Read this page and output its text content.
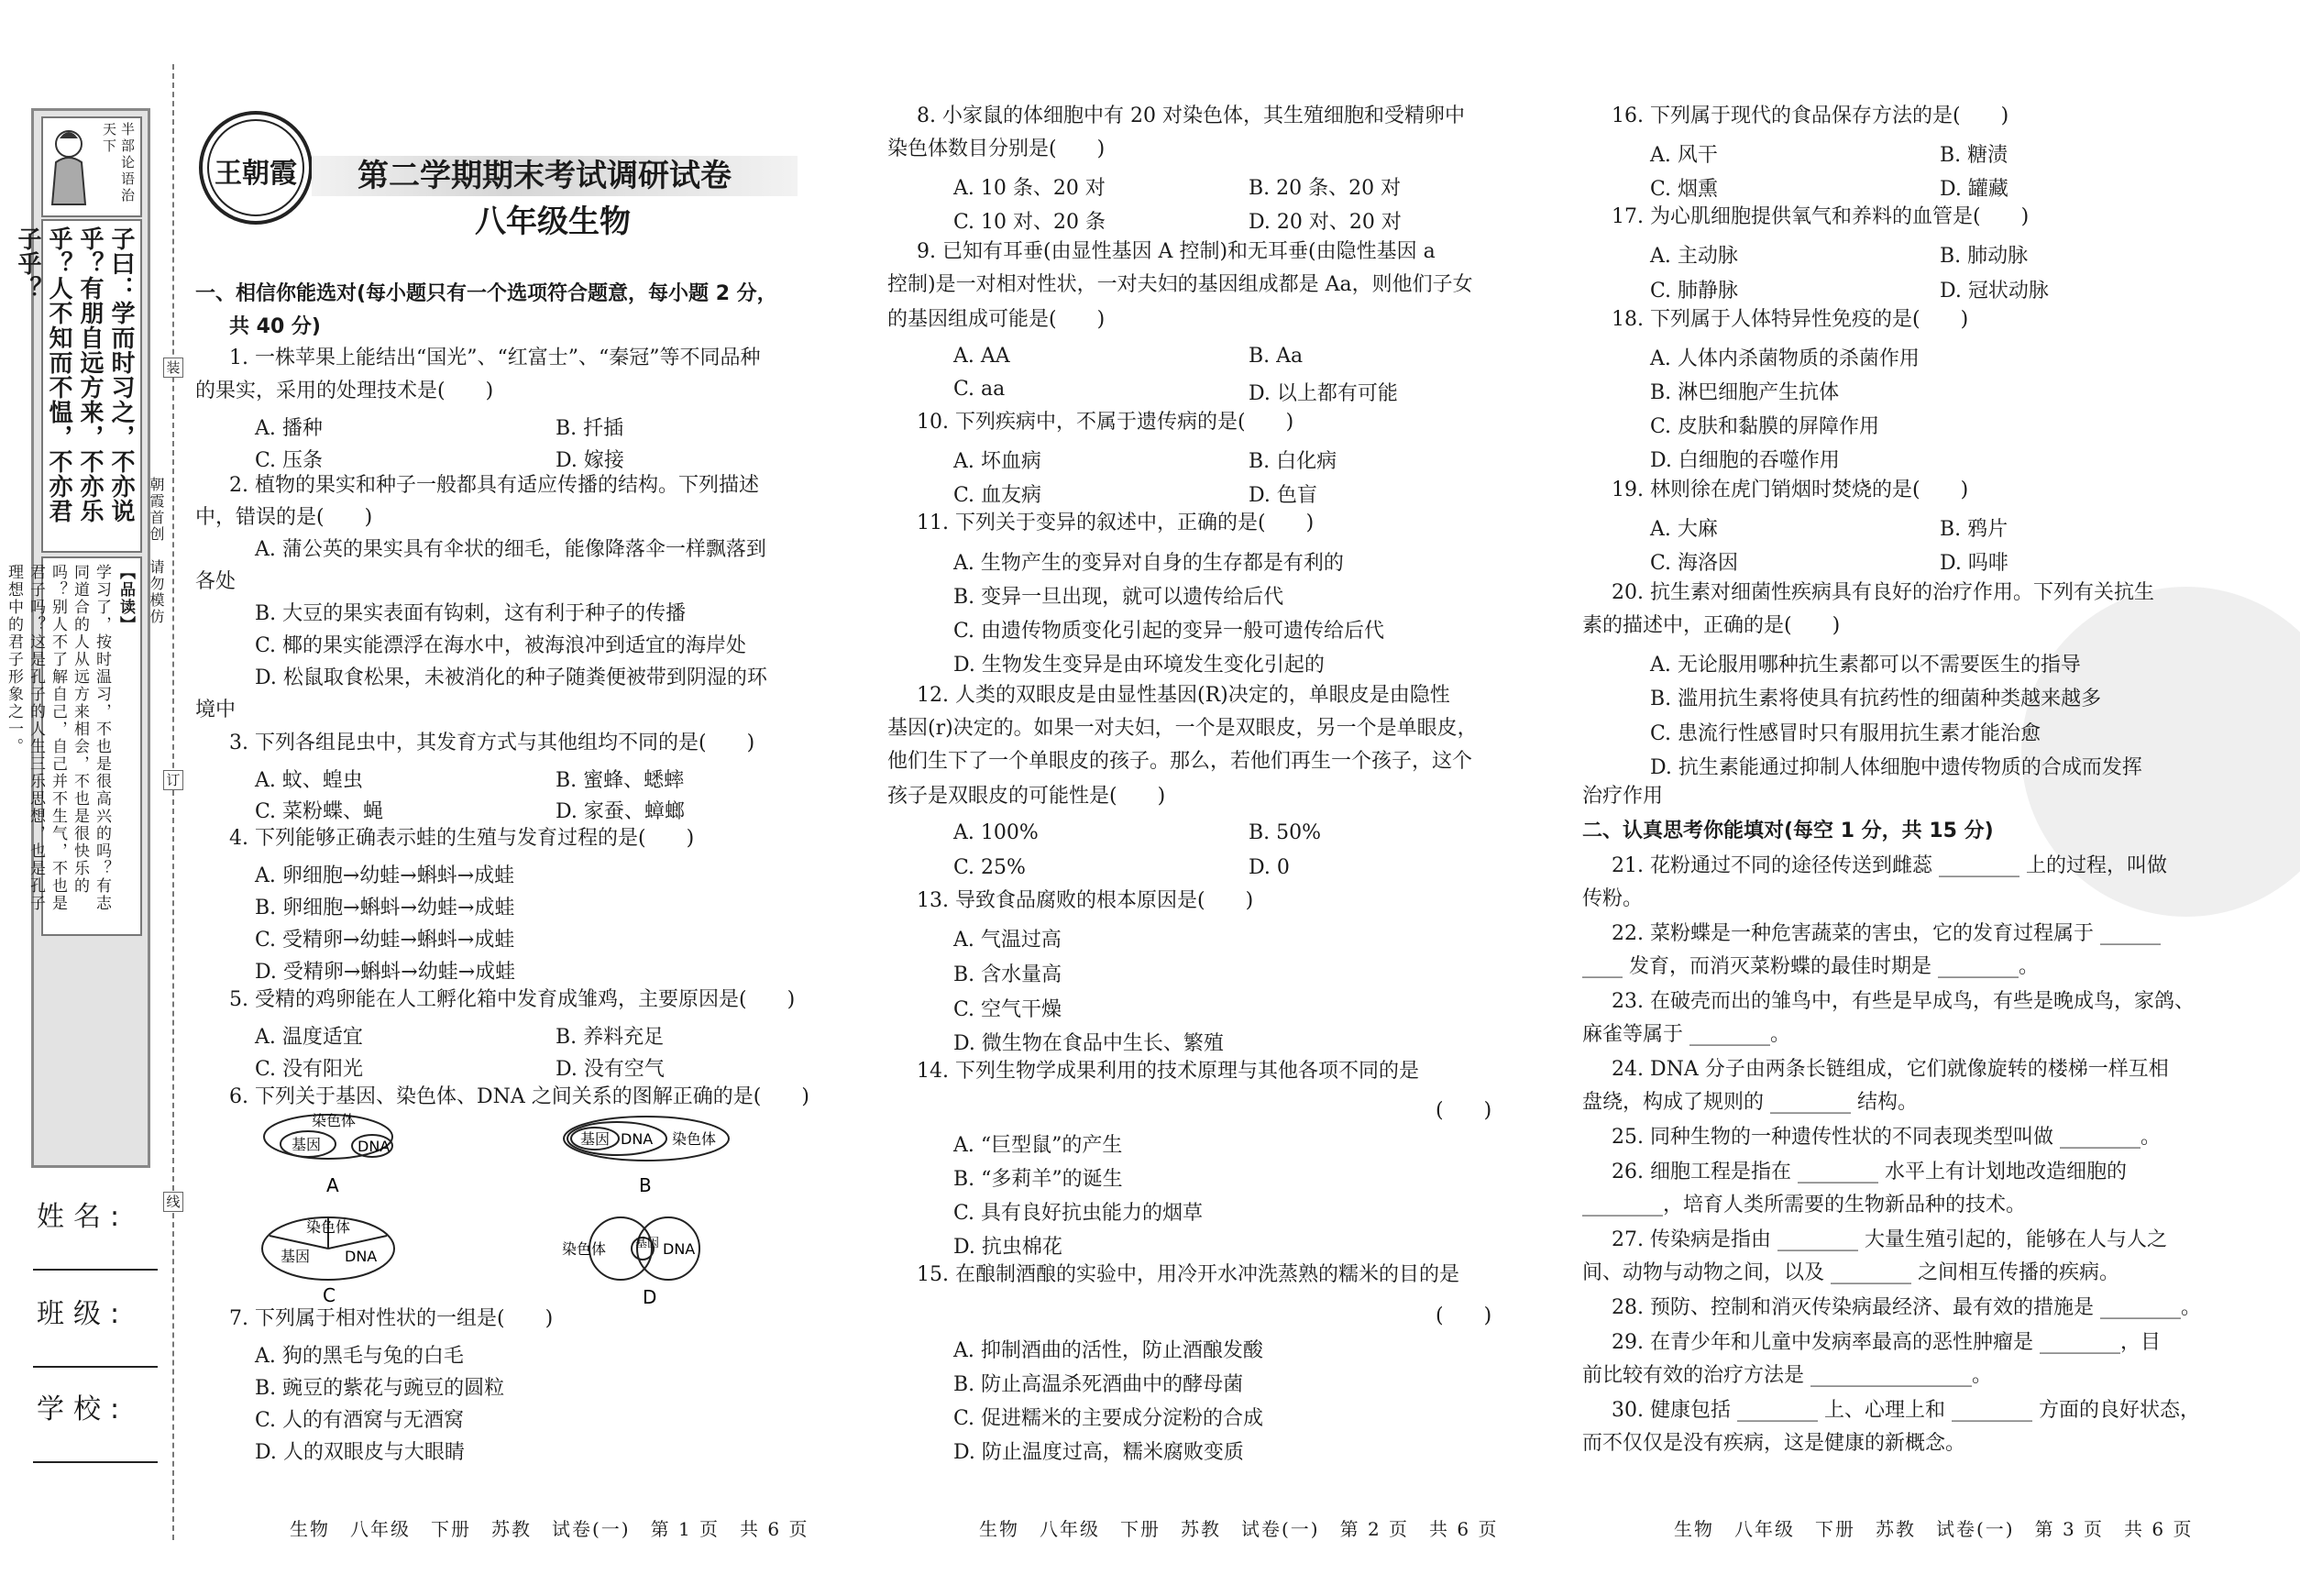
半部论语治天下
子曰：学而时习之，不亦说乎？有朋自远方来，不亦乐乎？人不知而不愠，不亦君子乎？
【品读】
学习了，按时温习，不也是很高兴的吗？有志同道合的人从远方来相会，不也是很快乐的吗？别人不了解自己，自己并不生气，不也是君子吗？这是孔子的人生三乐思想，也是孔子理想中的君子形象之一。
姓名:
班级:
学校:
装
订
线
朝霞首创　请勿模仿
王朝霞	第二学期期末考试调研试卷
八年级生物
一、相信你能选对(每小题只有一个选项符合题意，每小题 2 分，
共 40 分)
1. 一株苹果上能结出“国光”、“红富士”、“秦冠”等不同品种
的果实，采用的处理技术是(　　)
A. 播种	B. 扦插
C. 压条	D. 嫁接
2. 植物的果实和种子一般都具有适应传播的结构。下列描述
中，错误的是(　　)
A. 蒲公英的果实具有伞状的细毛，能像降落伞一样飘落到
各处
B. 大豆的果实表面有钩刺，这有利于种子的传播
C. 椰的果实能漂浮在海水中，被海浪冲到适宜的海岸处
D. 松鼠取食松果，未被消化的种子随粪便被带到阴湿的环
境中
3. 下列各组昆虫中，其发育方式与其他组均不同的是(　　)
A. 蚊、蝗虫	B. 蜜蜂、蟋蟀
C. 菜粉蝶、蝇	D. 家蚕、蟑螂
4. 下列能够正确表示蛙的生殖与发育过程的是(　　)
A. 卵细胞→幼蛙→蝌蚪→成蛙
B. 卵细胞→蝌蚪→幼蛙→成蛙
C. 受精卵→幼蛙→蝌蚪→成蛙
D. 受精卵→蝌蚪→幼蛙→成蛙
5. 受精的鸡卵能在人工孵化箱中发育成雏鸡，主要原因是(　　)
A. 温度适宜	B. 养料充足
C. 没有阳光	D. 没有空气
6. 下列关于基因、染色体、DNA 之间关系的图解正确的是(　　)
染色体
基因 DNA
A
基因 DNA 染色体
B
染色体
基因 DNA
C
染色体 基因 DNA
D
7. 下列属于相对性状的一组是(　　)
A. 狗的黑毛与兔的白毛
B. 豌豆的紫花与豌豆的圆粒
C. 人的有酒窝与无酒窝
D. 人的双眼皮与大眼睛
生物　八年级　下册　苏教　试卷(一)　第 1 页　共 6 页
8. 小家鼠的体细胞中有 20 对染色体，其生殖细胞和受精卵中
染色体数目分别是(　　)
A. 10 条、20 对	B. 20 条、20 对
C. 10 对、20 条	D. 20 对、20 对
9. 已知有耳垂(由显性基因 A 控制)和无耳垂(由隐性基因 a
控制)是一对相对性状，一对夫妇的基因组成都是 Aa，则他们子女
的基因组成可能是(　　)
A. AA	B. Aa
C. aa	D. 以上都有可能
10. 下列疾病中，不属于遗传病的是(　　)
A. 坏血病	B. 白化病
C. 血友病	D. 色盲
11. 下列关于变异的叙述中，正确的是(　　)
A. 生物产生的变异对自身的生存都是有利的
B. 变异一旦出现，就可以遗传给后代
C. 由遗传物质变化引起的变异一般可遗传给后代
D. 生物发生变异是由环境发生变化引起的
12. 人类的双眼皮是由显性基因(R)决定的，单眼皮是由隐性
基因(r)决定的。如果一对夫妇，一个是双眼皮，另一个是单眼皮，
他们生下了一个单眼皮的孩子。那么，若他们再生一个孩子，这个
孩子是双眼皮的可能性是(　　)
A. 100%	B. 50%
C. 25%	D. 0
13. 导致食品腐败的根本原因是(　　)
A. 气温过高
B. 含水量高
C. 空气干燥
D. 微生物在食品中生长、繁殖
14. 下列生物学成果利用的技术原理与其他各项不同的是
(　　)
A. “巨型鼠”的产生
B. “多莉羊”的诞生
C. 具有良好抗虫能力的烟草
D. 抗虫棉花
15. 在酿制酒酿的实验中，用冷开水冲洗蒸熟的糯米的目的是
(　　)
A. 抑制酒曲的活性，防止酒酿发酸
B. 防止高温杀死酒曲中的酵母菌
C. 促进糯米的主要成分淀粉的合成
D. 防止温度过高，糯米腐败变质
生物　八年级　下册　苏教　试卷(一)　第 2 页　共 6 页
16. 下列属于现代的食品保存方法的是(　　)
A. 风干	B. 糖渍
C. 烟熏	D. 罐藏
17. 为心肌细胞提供氧气和养料的血管是(　　)
A. 主动脉	B. 肺动脉
C. 肺静脉	D. 冠状动脉
18. 下列属于人体特异性免疫的是(　　)
A. 人体内杀菌物质的杀菌作用
B. 淋巴细胞产生抗体
C. 皮肤和黏膜的屏障作用
D. 白细胞的吞噬作用
19. 林则徐在虎门销烟时焚烧的是(　　)
A. 大麻	B. 鸦片
C. 海洛因	D. 吗啡
20. 抗生素对细菌性疾病具有良好的治疗作用。下列有关抗生
素的描述中，正确的是(　　)
A. 无论服用哪种抗生素都可以不需要医生的指导
B. 滥用抗生素将使具有抗药性的细菌种类越来越多
C. 患流行性感冒时只有服用抗生素才能治愈
D. 抗生素能通过抑制人体细胞中遗传物质的合成而发挥
治疗作用
二、认真思考你能填对(每空 1 分，共 15 分)
21. 花粉通过不同的途径传送到雌蕊 ________ 上的过程，叫做
传粉。
22. 菜粉蝶是一种危害蔬菜的害虫，它的发育过程属于 ______
____ 发育，而消灭菜粉蝶的最佳时期是 ________。
23. 在破壳而出的雏鸟中，有些是早成鸟，有些是晚成鸟，家鸽、
麻雀等属于 ________。
24. DNA 分子由两条长链组成，它们就像旋转的楼梯一样互相
盘绕，构成了规则的 ________ 结构。
25. 同种生物的一种遗传性状的不同表现类型叫做 ________。
26. 细胞工程是指在 ________ 水平上有计划地改造细胞的
________，培育人类所需要的生物新品种的技术。
27. 传染病是指由 ________ 大量生殖引起的，能够在人与人之
间、动物与动物之间，以及 ________ 之间相互传播的疾病。
28. 预防、控制和消灭传染病最经济、最有效的措施是 ________。
29. 在青少年和儿童中发病率最高的恶性肿瘤是 ________，目
前比较有效的治疗方法是 ________________。
30. 健康包括 ________ 上、心理上和 ________ 方面的良好状态，
而不仅仅是没有疾病，这是健康的新概念。
生物　八年级　下册　苏教　试卷(一)　第 3 页　共 6 页
